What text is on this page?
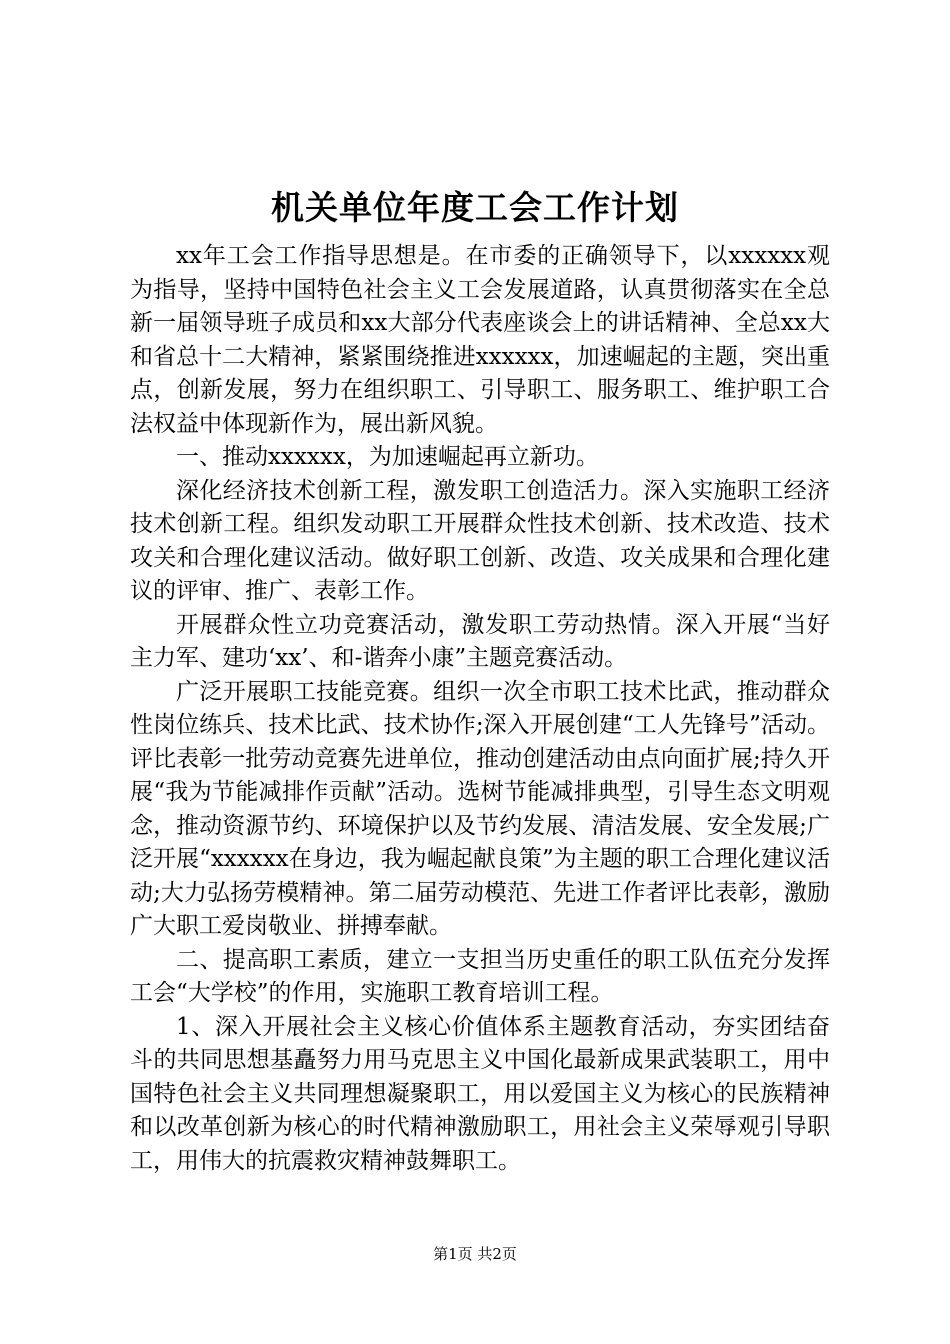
机关单位年度工会工作计划

xx年工会工作指导思想是。在市委的正确领导下，以xxxxxx观为指导，坚持中国特色社会主义工会发展道路，认真贯彻落实在全总新一届领导班子成员和xx大部分代表座谈会上的讲话精神、全总xx大和省总十二大精神，紧紧围绕推进xxxxxx，加速崛起的主题，突出重点，创新发展，努力在组织职工、引导职工、服务职工、维护职工合法权益中体现新作为，展出新风貌。

一、推动xxxxxx，为加速崛起再立新功。

深化经济技术创新工程，激发职工创造活力。深入实施职工经济技术创新工程。组织发动职工开展群众性技术创新、技术改造、技术攻关和合理化建议活动。做好职工创新、改造、攻关成果和合理化建议的评审、推广、表彰工作。

开展群众性立功竞赛活动，激发职工劳动热情。深入开展“当好主力军、建功‘xx’、和-谐奔小康”主题竞赛活动。

广泛开展职工技能竞赛。组织一次全市职工技术比武，推动群众性岗位练兵、技术比武、技术协作;深入开展创建“工人先锋号”活动。评比表彰一批劳动竞赛先进单位，推动创建活动由点向面扩展;持久开展“我为节能减排作贡献”活动。选树节能减排典型，引导生态文明观念，推动资源节约、环境保护以及节约发展、清洁发展、安全发展;广泛开展“xxxxxx在身边，我为崛起献良策”为主题的职工合理化建议活动;大力弘扬劳模精神。第二届劳动模范、先进工作者评比表彰，激励广大职工爱岗敬业、拼搏奉献。

二、提高职工素质，建立一支担当历史重任的职工队伍充分发挥工会“大学校”的作用，实施职工教育培训工程。

1、深入开展社会主义核心价值体系主题教育活动，夯实团结奋斗的共同思想基矗努力用马克思主义中国化最新成果武装职工，用中国特色社会主义共同理想凝聚职工，用以爱国主义为核心的民族精神和以改革创新为核心的时代精神激励职工，用社会主义荣辱观引导职工，用伟大的抗震救灾精神鼓舞职工。

第1页 共2页
